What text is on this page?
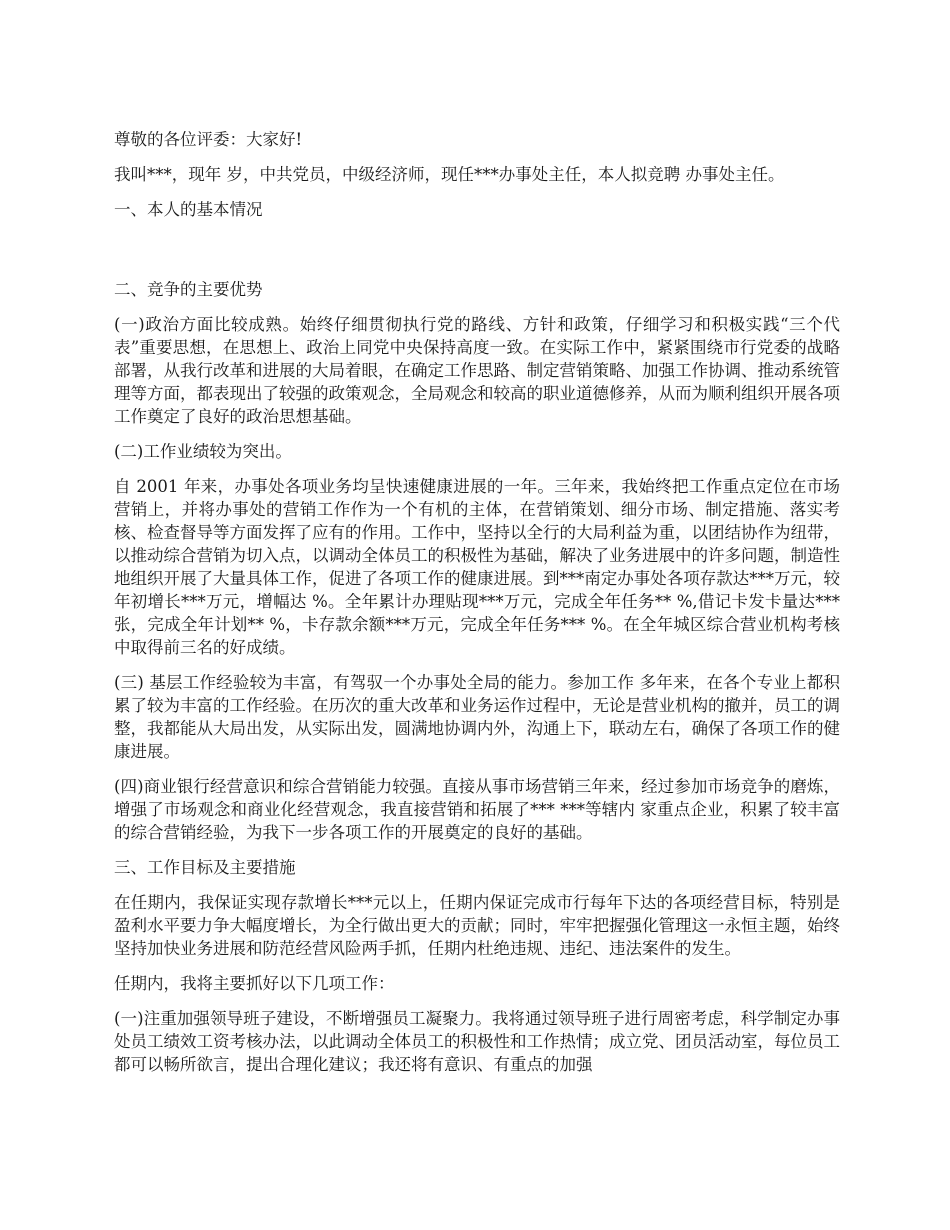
尊敬的各位评委：大家好!

我叫***，现年 岁，中共党员，中级经济师，现任***办事处主任，本人拟竞聘 办事处主任。

一、本人的基本情况

二、竞争的主要优势

(一)政治方面比较成熟。始终仔细贯彻执行党的路线、方针和政策，仔细学习和积极实践“三个代表”重要思想，在思想上、政治上同党中央保持高度一致。在实际工作中，紧紧围绕市行党委的战略部署，从我行改革和进展的大局着眼，在确定工作思路、制定营销策略、加强工作协调、推动系统管理等方面，都表现出了较强的政策观念，全局观念和较高的职业道德修养，从而为顺利组织开展各项工作奠定了良好的政治思想基础。

(二)工作业绩较为突出。

自 2001 年来，办事处各项业务均呈快速健康进展的一年。三年来，我始终把工作重点定位在市场营销上，并将办事处的营销工作作为一个有机的主体，在营销策划、细分市场、制定措施、落实考核、检查督导等方面发挥了应有的作用。工作中，坚持以全行的大局利益为重，以团结协作为纽带，以推动综合营销为切入点，以调动全体员工的积极性为基础，解决了业务进展中的许多问题，制造性地组织开展了大量具体工作，促进了各项工作的健康进展。到***南定办事处各项存款达***万元，较年初增长***万元，增幅达 %。全年累计办理贴现***万元，完成全年任务** %,借记卡发卡量达***张，完成全年计划** %，卡存款余额***万元，完成全年任务*** %。在全年城区综合营业机构考核中取得前三名的好成绩。

(三) 基层工作经验较为丰富，有驾驭一个办事处全局的能力。参加工作 多年来，在各个专业上都积累了较为丰富的工作经验。在历次的重大改革和业务运作过程中，无论是营业机构的撤并，员工的调整，我都能从大局出发，从实际出发，圆满地协调内外，沟通上下，联动左右，确保了各项工作的健康进展。

(四)商业银行经营意识和综合营销能力较强。直接从事市场营销三年来，经过参加市场竞争的磨炼，增强了市场观念和商业化经营观念，我直接营销和拓展了*** ***等辖内 家重点企业，积累了较丰富的综合营销经验，为我下一步各项工作的开展奠定的良好的基础。

三、工作目标及主要措施

在任期内，我保证实现存款增长***元以上，任期内保证完成市行每年下达的各项经营目标，特别是盈利水平要力争大幅度增长，为全行做出更大的贡献；同时，牢牢把握强化管理这一永恒主题，始终坚持加快业务进展和防范经营风险两手抓，任期内杜绝违规、违纪、违法案件的发生。

任期内，我将主要抓好以下几项工作：

(一)注重加强领导班子建设，不断增强员工凝聚力。我将通过领导班子进行周密考虑，科学制定办事处员工绩效工资考核办法，以此调动全体员工的积极性和工作热情；成立党、团员活动室，每位员工都可以畅所欲言，提出合理化建议；我还将有意识、有重点的加强
